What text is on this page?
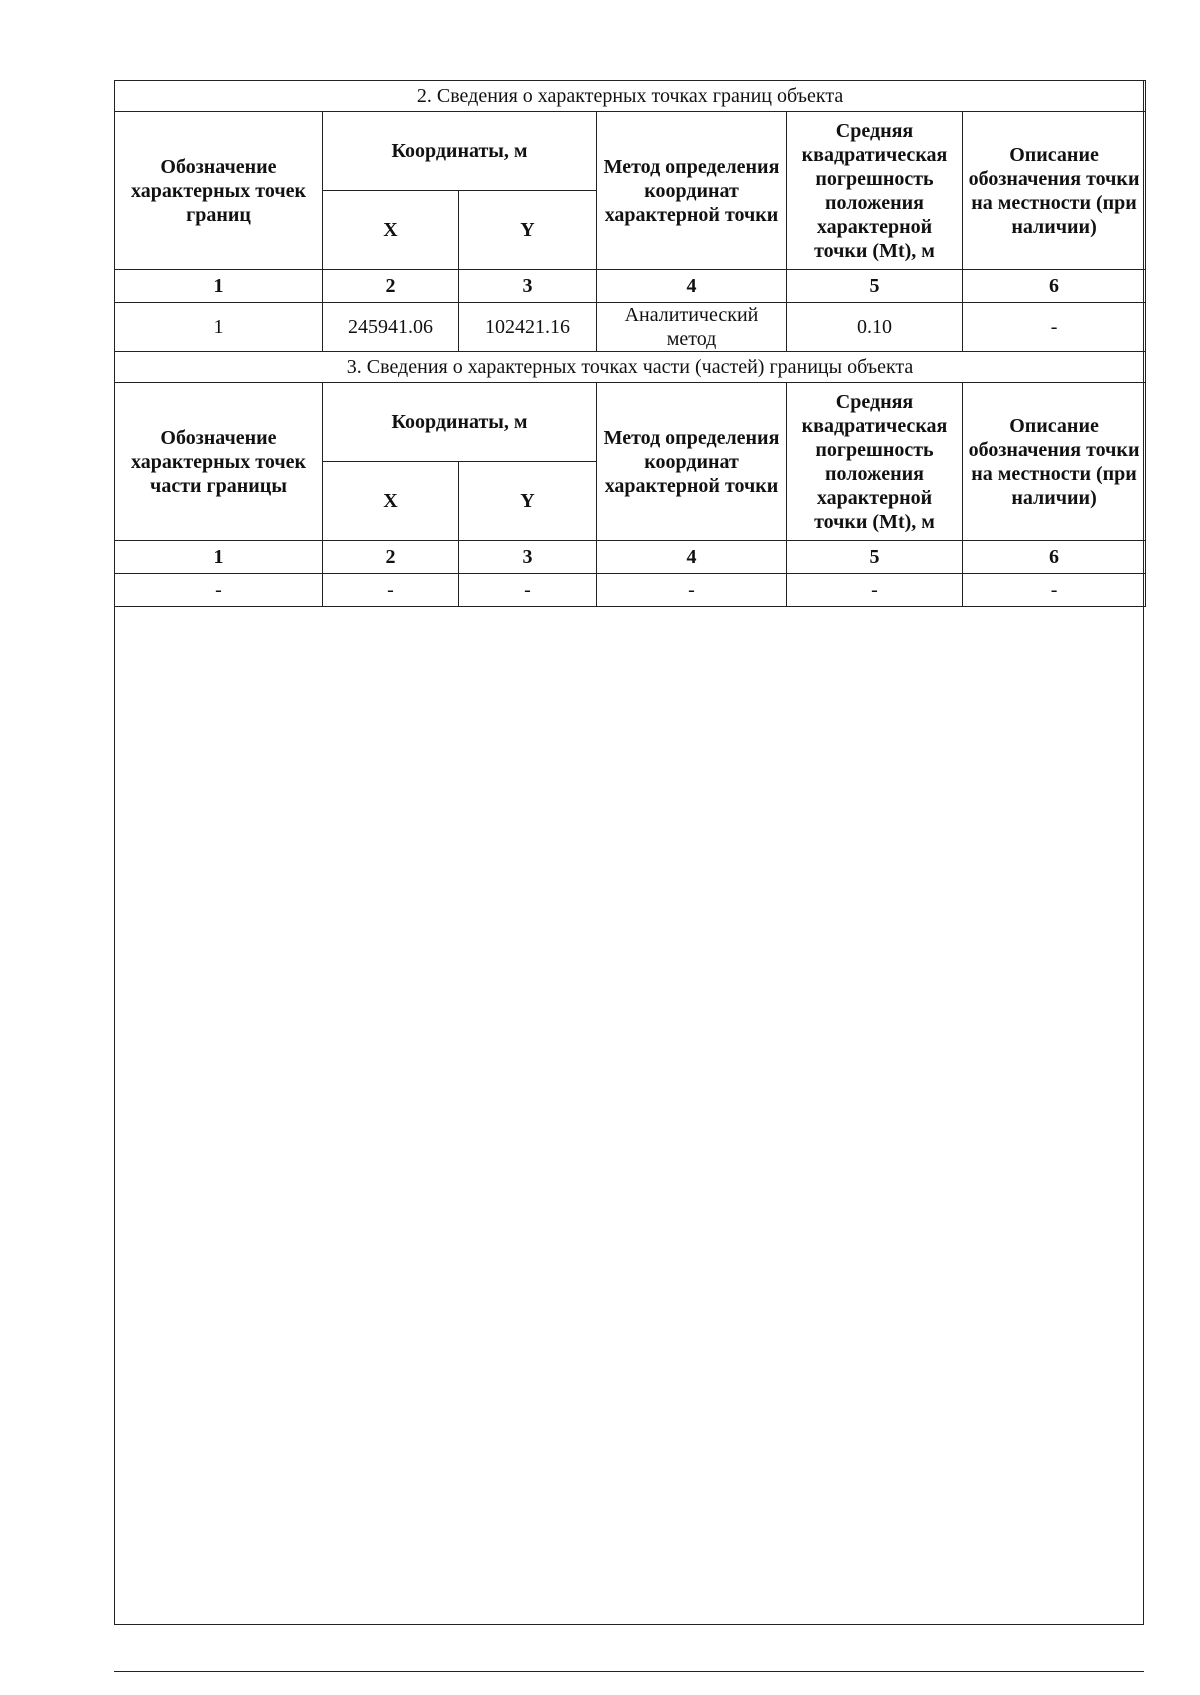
2. Сведения о характерных точках границ объекта					
Обозначение характерных точек границ	Координаты, м		Метод определения координат характерной точки	Средняя квадратическая погрешность положения характерной точки (Mt), м	Описание обозначения точки на местности (при наличии)
	X	Y			
1	2	3	4	5	6
1	245941.06	102421.16	Аналитический метод	0.10	-
3. Сведения о характерных точках части (частей) границы объекта					
Обозначение характерных точек части границы	Координаты, м		Метод определения координат характерной точки	Средняя квадратическая погрешность положения характерной точки (Mt), м	Описание обозначения точки на местности (при наличии)
	X	Y			
1	2	3	4	5	6
-	-	-	-	-	-
